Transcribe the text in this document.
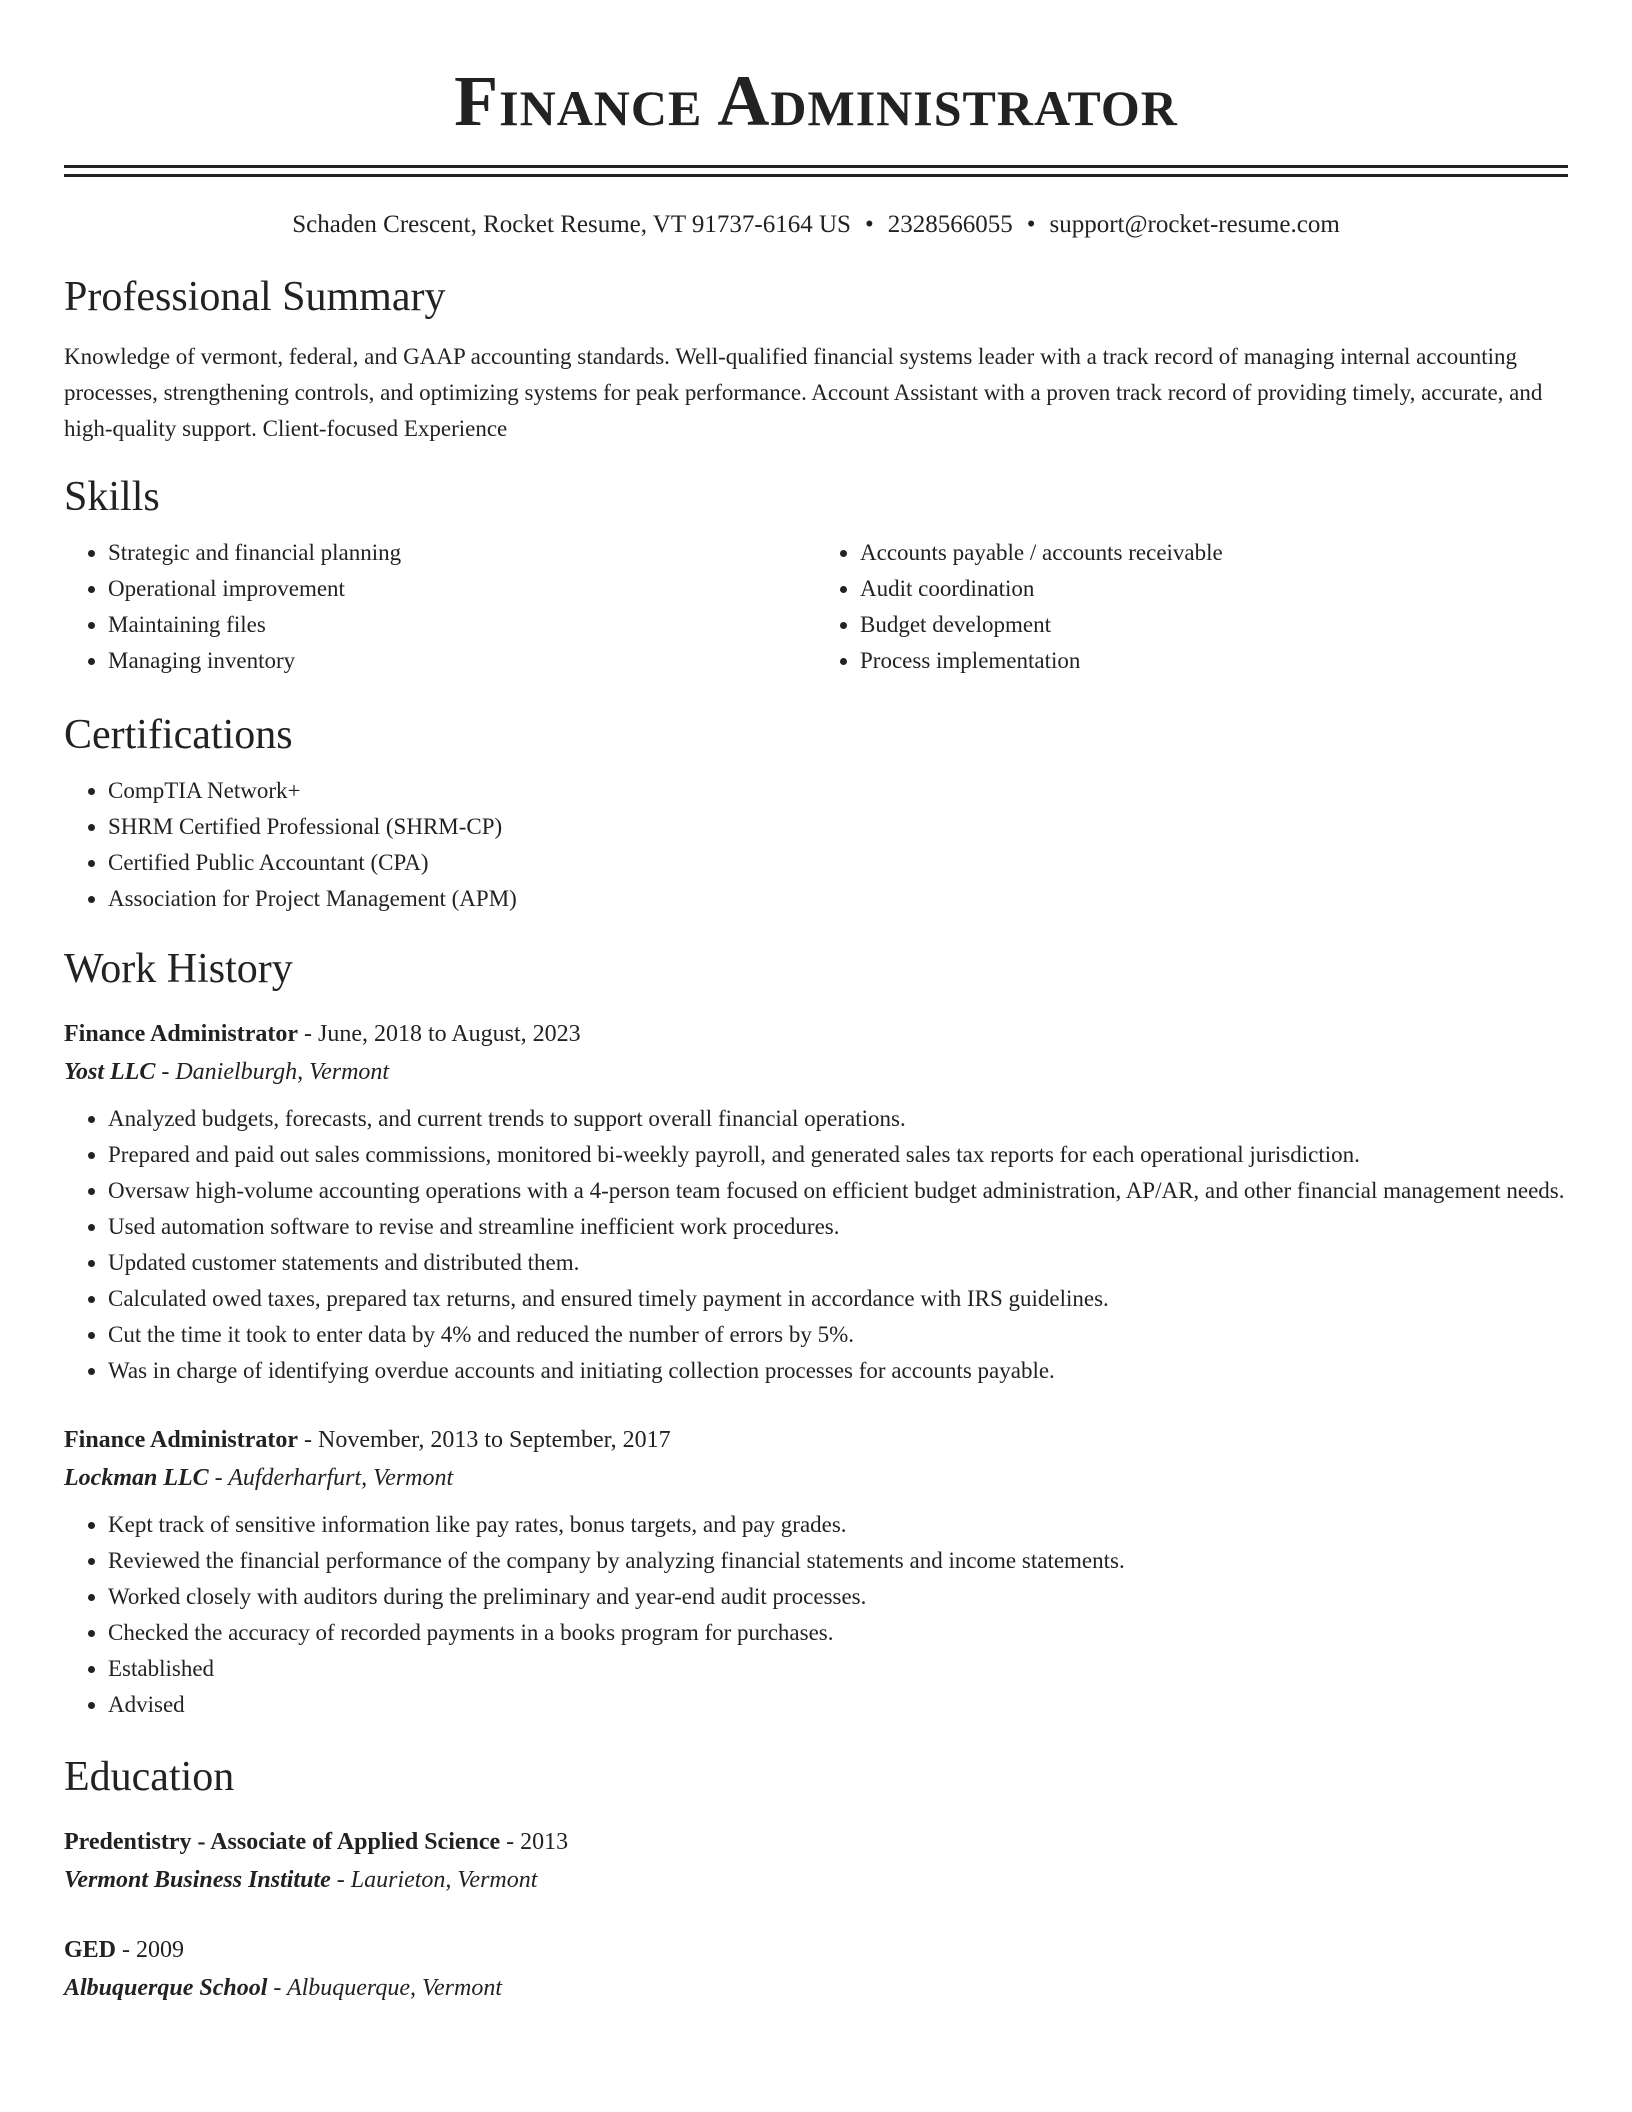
Finance Administrator
Schaden Crescent, Rocket Resume, VT 91737-6164 US • 2328566055 • support@rocket-resume.com
Professional Summary

Knowledge of vermont, federal, and GAAP accounting standards. Well-qualified financial systems leader with a track record of managing internal accounting processes, strengthening controls, and optimizing systems for peak performance. Account Assistant with a proven track record of providing timely, accurate, and high-quality support. Client-focused Experience

Skills
• Strategic and financial planning
• Operational improvement
• Maintaining files
• Managing inventory
• Accounts payable / accounts receivable
• Audit coordination
• Budget development
• Process implementation
Certifications
• CompTIA Network+
• SHRM Certified Professional (SHRM-CP)
• Certified Public Accountant (CPA)
• Association for Project Management (APM)
Work History
Finance Administrator - June, 2018 to August, 2023
Yost LLC - Danielburgh, Vermont
• Analyzed budgets, forecasts, and current trends to support overall financial operations.
• Prepared and paid out sales commissions, monitored bi-weekly payroll, and generated sales tax reports for each operational jurisdiction.
• Oversaw high-volume accounting operations with a 4-person team focused on efficient budget administration, AP/AR, and other financial management needs.
• Used automation software to revise and streamline inefficient work procedures.
• Updated customer statements and distributed them.
• Calculated owed taxes, prepared tax returns, and ensured timely payment in accordance with IRS guidelines.
• Cut the time it took to enter data by 4% and reduced the number of errors by 5%.
• Was in charge of identifying overdue accounts and initiating collection processes for accounts payable.
Finance Administrator - November, 2013 to September, 2017
Lockman LLC - Aufderharfurt, Vermont
• Kept track of sensitive information like pay rates, bonus targets, and pay grades.
• Reviewed the financial performance of the company by analyzing financial statements and income statements.
• Worked closely with auditors during the preliminary and year-end audit processes.
• Checked the accuracy of recorded payments in a books program for purchases.
• Established
• Advised
Education
Predentistry - Associate of Applied Science - 2013
Vermont Business Institute - Laurieton, Vermont
GED - 2009
Albuquerque School - Albuquerque, Vermont
